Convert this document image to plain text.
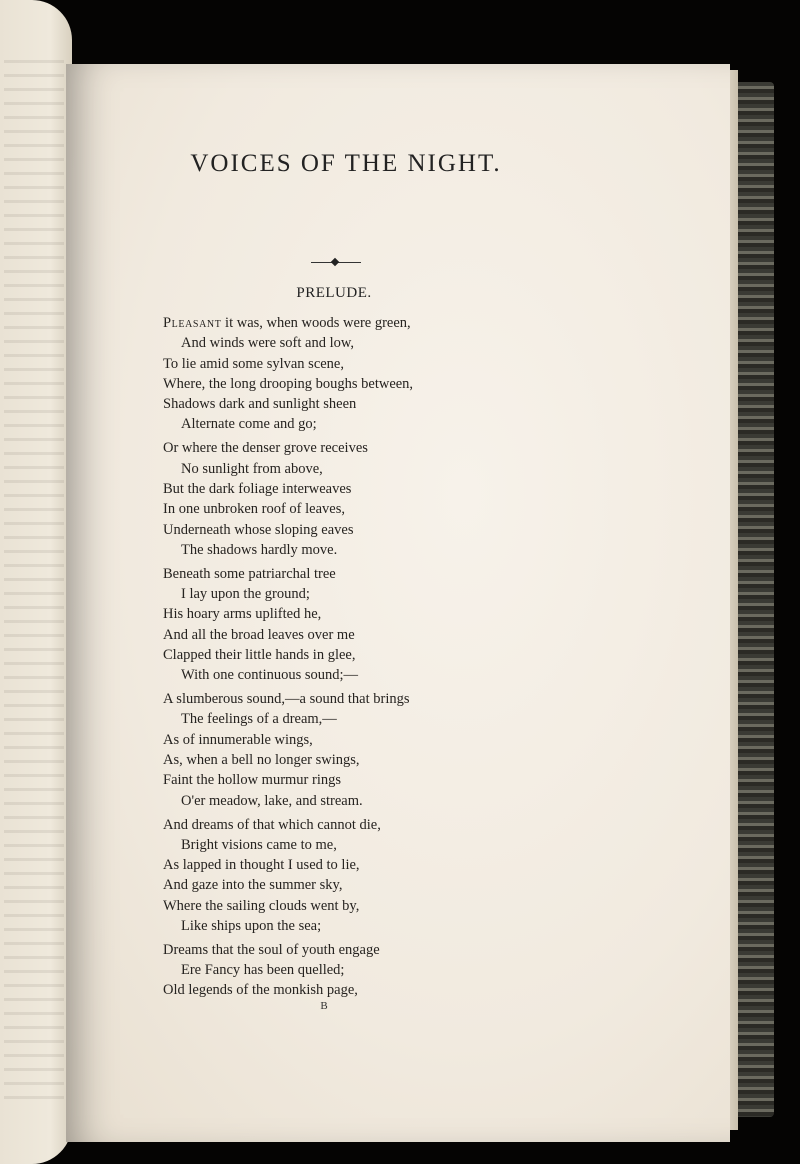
VOICES OF THE NIGHT.
PRELUDE.
Pleasant it was, when woods were green,
And winds were soft and low,
To lie amid some sylvan scene,
Where, the long drooping boughs between,
Shadows dark and sunlight sheen
Alternate come and go;
Or where the denser grove receives
No sunlight from above,
But the dark foliage interweaves
In one unbroken roof of leaves,
Underneath whose sloping eaves
The shadows hardly move.
Beneath some patriarchal tree
I lay upon the ground;
His hoary arms uplifted he,
And all the broad leaves over me
Clapped their little hands in glee,
With one continuous sound;—
A slumberous sound,—a sound that brings
The feelings of a dream,—
As of innumerable wings,
As, when a bell no longer swings,
Faint the hollow murmur rings
O'er meadow, lake, and stream.
And dreams of that which cannot die,
Bright visions came to me,
As lapped in thought I used to lie,
And gaze into the summer sky,
Where the sailing clouds went by,
Like ships upon the sea;
Dreams that the soul of youth engage
Ere Fancy has been quelled;
Old legends of the monkish page,
B
